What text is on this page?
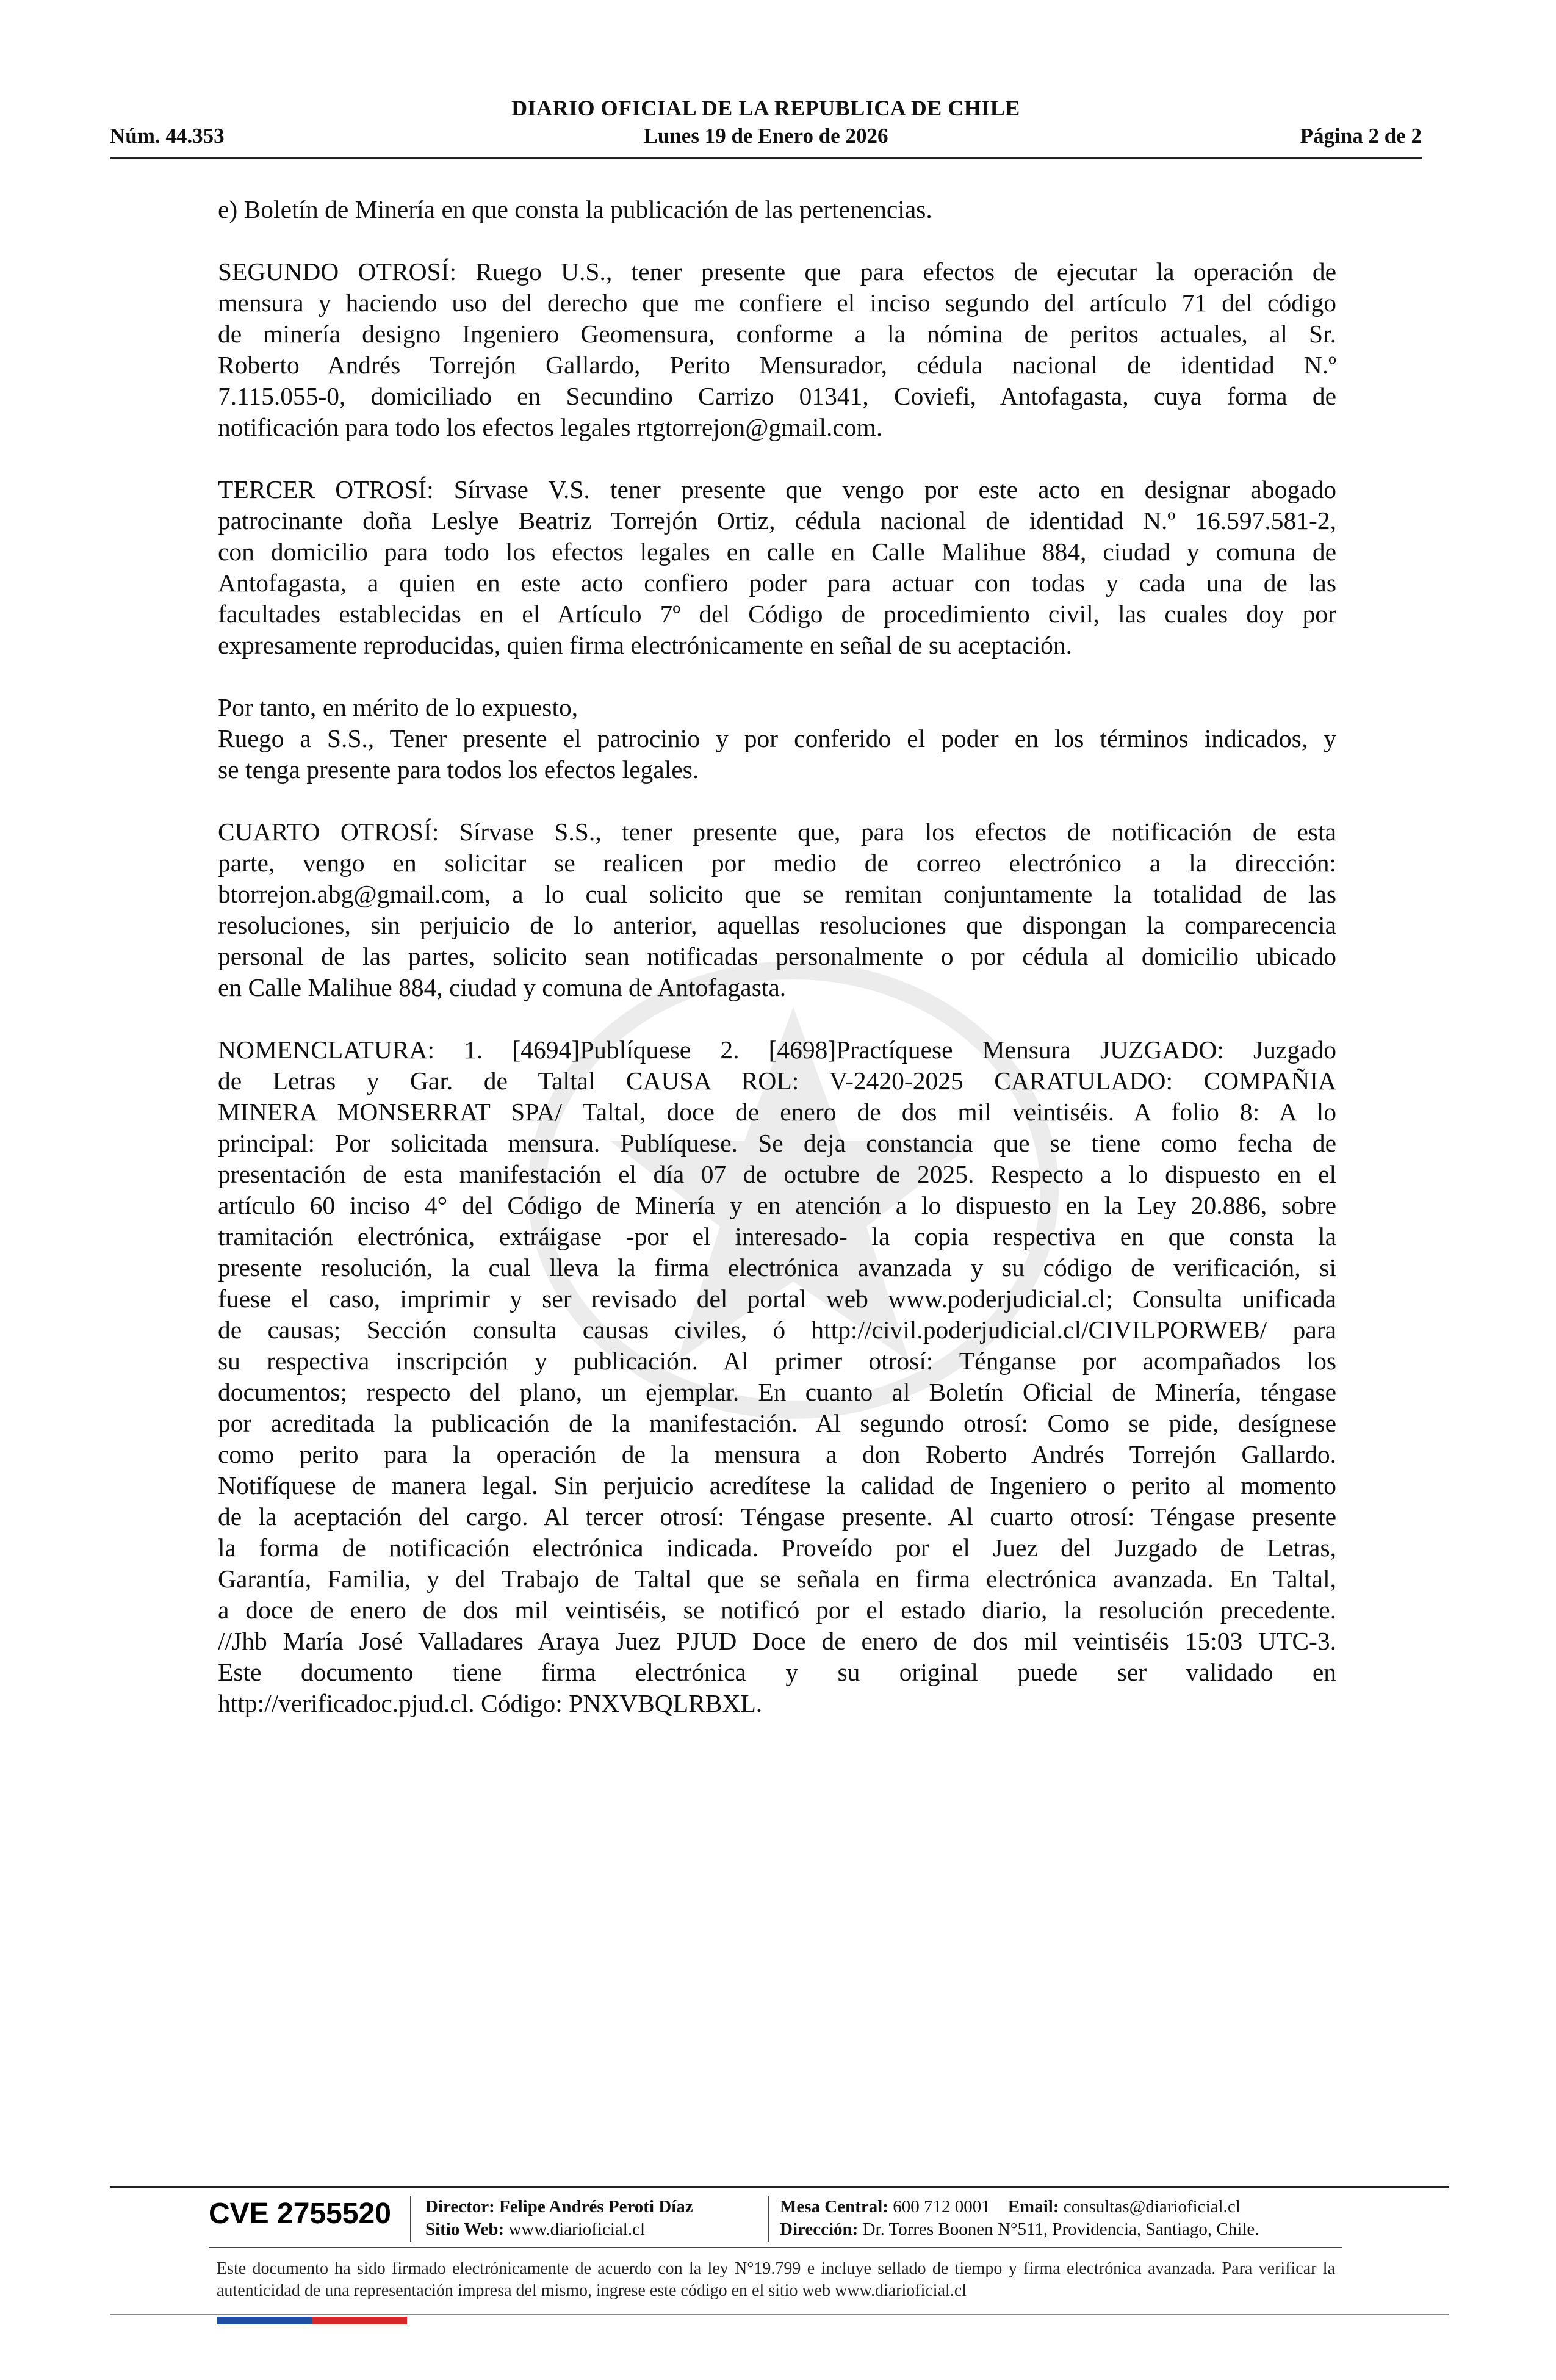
DIARIO OFICIAL DE LA REPUBLICA DE CHILE
Núm. 44.353	Lunes 19 de Enero de 2026	Página 2 de 2

e) Boletín de Minería en que consta la publicación de las pertenencias.

SEGUNDO OTROSÍ: Ruego U.S., tener presente que para efectos de ejecutar la operación de
mensura y haciendo uso del derecho que me confiere el inciso segundo del artículo 71 del código
de minería designo Ingeniero Geomensura, conforme a la nómina de peritos actuales, al Sr.
Roberto Andrés Torrejón Gallardo, Perito Mensurador, cédula nacional de identidad N.º
7.115.055-0, domiciliado en Secundino Carrizo 01341, Coviefi, Antofagasta, cuya forma de
notificación para todo los efectos legales rtgtorrejon@gmail.com.

TERCER OTROSÍ: Sírvase V.S. tener presente que vengo por este acto en designar abogado
patrocinante doña Leslye Beatriz Torrejón Ortiz, cédula nacional de identidad N.º 16.597.581-2,
con domicilio para todo los efectos legales en calle en Calle Malihue 884, ciudad y comuna de
Antofagasta, a quien en este acto confiero poder para actuar con todas y cada una de las
facultades establecidas en el Artículo 7º del Código de procedimiento civil, las cuales doy por
expresamente reproducidas, quien firma electrónicamente en señal de su aceptación.

Por tanto, en mérito de lo expuesto,
Ruego a S.S., Tener presente el patrocinio y por conferido el poder en los términos indicados, y
se tenga presente para todos los efectos legales.

CUARTO OTROSÍ: Sírvase S.S., tener presente que, para los efectos de notificación de esta
parte, vengo en solicitar se realicen por medio de correo electrónico a la dirección:
btorrejon.abg@gmail.com, a lo cual solicito que se remitan conjuntamente la totalidad de las
resoluciones, sin perjuicio de lo anterior, aquellas resoluciones que dispongan la comparecencia
personal de las partes, solicito sean notificadas personalmente o por cédula al domicilio ubicado
en Calle Malihue 884, ciudad y comuna de Antofagasta.

NOMENCLATURA: 1. [4694]Publíquese 2. [4698]Practíquese Mensura JUZGADO: Juzgado
de Letras y Gar. de Taltal CAUSA ROL: V-2420-2025 CARATULADO: COMPAÑIA
MINERA MONSERRAT SPA/ Taltal, doce de enero de dos mil veintiséis. A folio 8: A lo
principal: Por solicitada mensura. Publíquese. Se deja constancia que se tiene como fecha de
presentación de esta manifestación el día 07 de octubre de 2025. Respecto a lo dispuesto en el
artículo 60 inciso 4° del Código de Minería y en atención a lo dispuesto en la Ley 20.886, sobre
tramitación electrónica, extráigase -por el interesado- la copia respectiva en que consta la
presente resolución, la cual lleva la firma electrónica avanzada y su código de verificación, si
fuese el caso, imprimir y ser revisado del portal web www.poderjudicial.cl; Consulta unificada
de causas; Sección consulta causas civiles, ó http://civil.poderjudicial.cl/CIVILPORWEB/ para
su respectiva inscripción y publicación. Al primer otrosí: Ténganse por acompañados los
documentos; respecto del plano, un ejemplar. En cuanto al Boletín Oficial de Minería, téngase
por acreditada la publicación de la manifestación. Al segundo otrosí: Como se pide, desígnese
como perito para la operación de la mensura a don Roberto Andrés Torrejón Gallardo.
Notifíquese de manera legal. Sin perjuicio acredítese la calidad de Ingeniero o perito al momento
de la aceptación del cargo. Al tercer otrosí: Téngase presente. Al cuarto otrosí: Téngase presente
la forma de notificación electrónica indicada. Proveído por el Juez del Juzgado de Letras,
Garantía, Familia, y del Trabajo de Taltal que se señala en firma electrónica avanzada. En Taltal,
a doce de enero de dos mil veintiséis, se notificó por el estado diario, la resolución precedente.
//Jhb María José Valladares Araya Juez PJUD Doce de enero de dos mil veintiséis 15:03 UTC-3.
Este documento tiene firma electrónica y su original puede ser validado en
http://verificadoc.pjud.cl. Código: PNXVBQLRBXL.

CVE 2755520 Director: Felipe Andrés Peroti Díaz
Sitio Web: www.diarioficial.cl
Mesa Central: 600 712 0001 Email: consultas@diarioficial.cl
Dirección: Dr. Torres Boonen N°511, Providencia, Santiago, Chile.
Este documento ha sido firmado electrónicamente de acuerdo con la ley N°19.799 e incluye sellado de tiempo y firma electrónica avanzada. Para verificar la autenticidad de una representación impresa del mismo, ingrese este código en el sitio web www.diarioficial.cl
